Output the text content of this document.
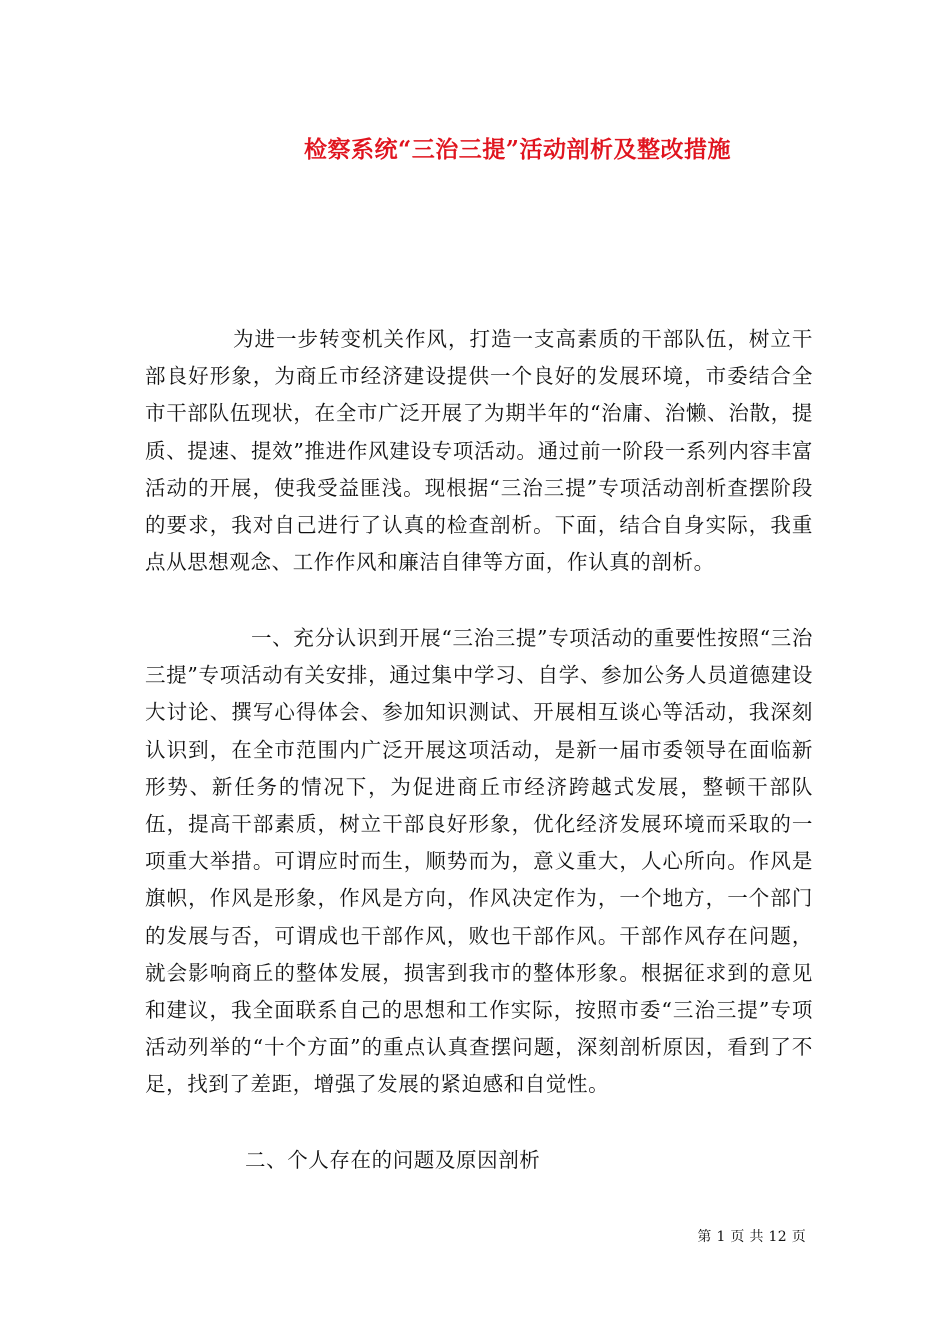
检察系统“三治三提”活动剖析及整改措施

为进一步转变机关作风，打造一支高素质的干部队伍，树立干部良好形象，为商丘市经济建设提供一个良好的发展环境，市委结合全市干部队伍现状，在全市广泛开展了为期半年的“治庸、治懒、治散，提质、提速、提效”推进作风建设专项活动。通过前一阶段一系列内容丰富活动的开展，使我受益匪浅。现根据“三治三提”专项活动剖析查摆阶段的要求，我对自己进行了认真的检查剖析。下面，结合自身实际，我重点从思想观念、工作作风和廉洁自律等方面，作认真的剖析。

一、充分认识到开展“三治三提”专项活动的重要性按照“三治三提”专项活动有关安排，通过集中学习、自学、参加公务人员道德建设大讨论、撰写心得体会、参加知识测试、开展相互谈心等活动，我深刻认识到，在全市范围内广泛开展这项活动，是新一届市委领导在面临新形势、新任务的情况下，为促进商丘市经济跨越式发展，整顿干部队伍，提高干部素质，树立干部良好形象，优化经济发展环境而采取的一项重大举措。可谓应时而生，顺势而为，意义重大，人心所向。作风是旗帜，作风是形象，作风是方向，作风决定作为，一个地方，一个部门的发展与否，可谓成也干部作风，败也干部作风。干部作风存在问题，就会影响商丘的整体发展，损害到我市的整体形象。根据征求到的意见和建议，我全面联系自己的思想和工作实际，按照市委“三治三提”专项活动列举的“十个方面”的重点认真查摆问题，深刻剖析原因，看到了不足，找到了差距，增强了发展的紧迫感和自觉性。

二、个人存在的问题及原因剖析

第 1 页 共 12 页
